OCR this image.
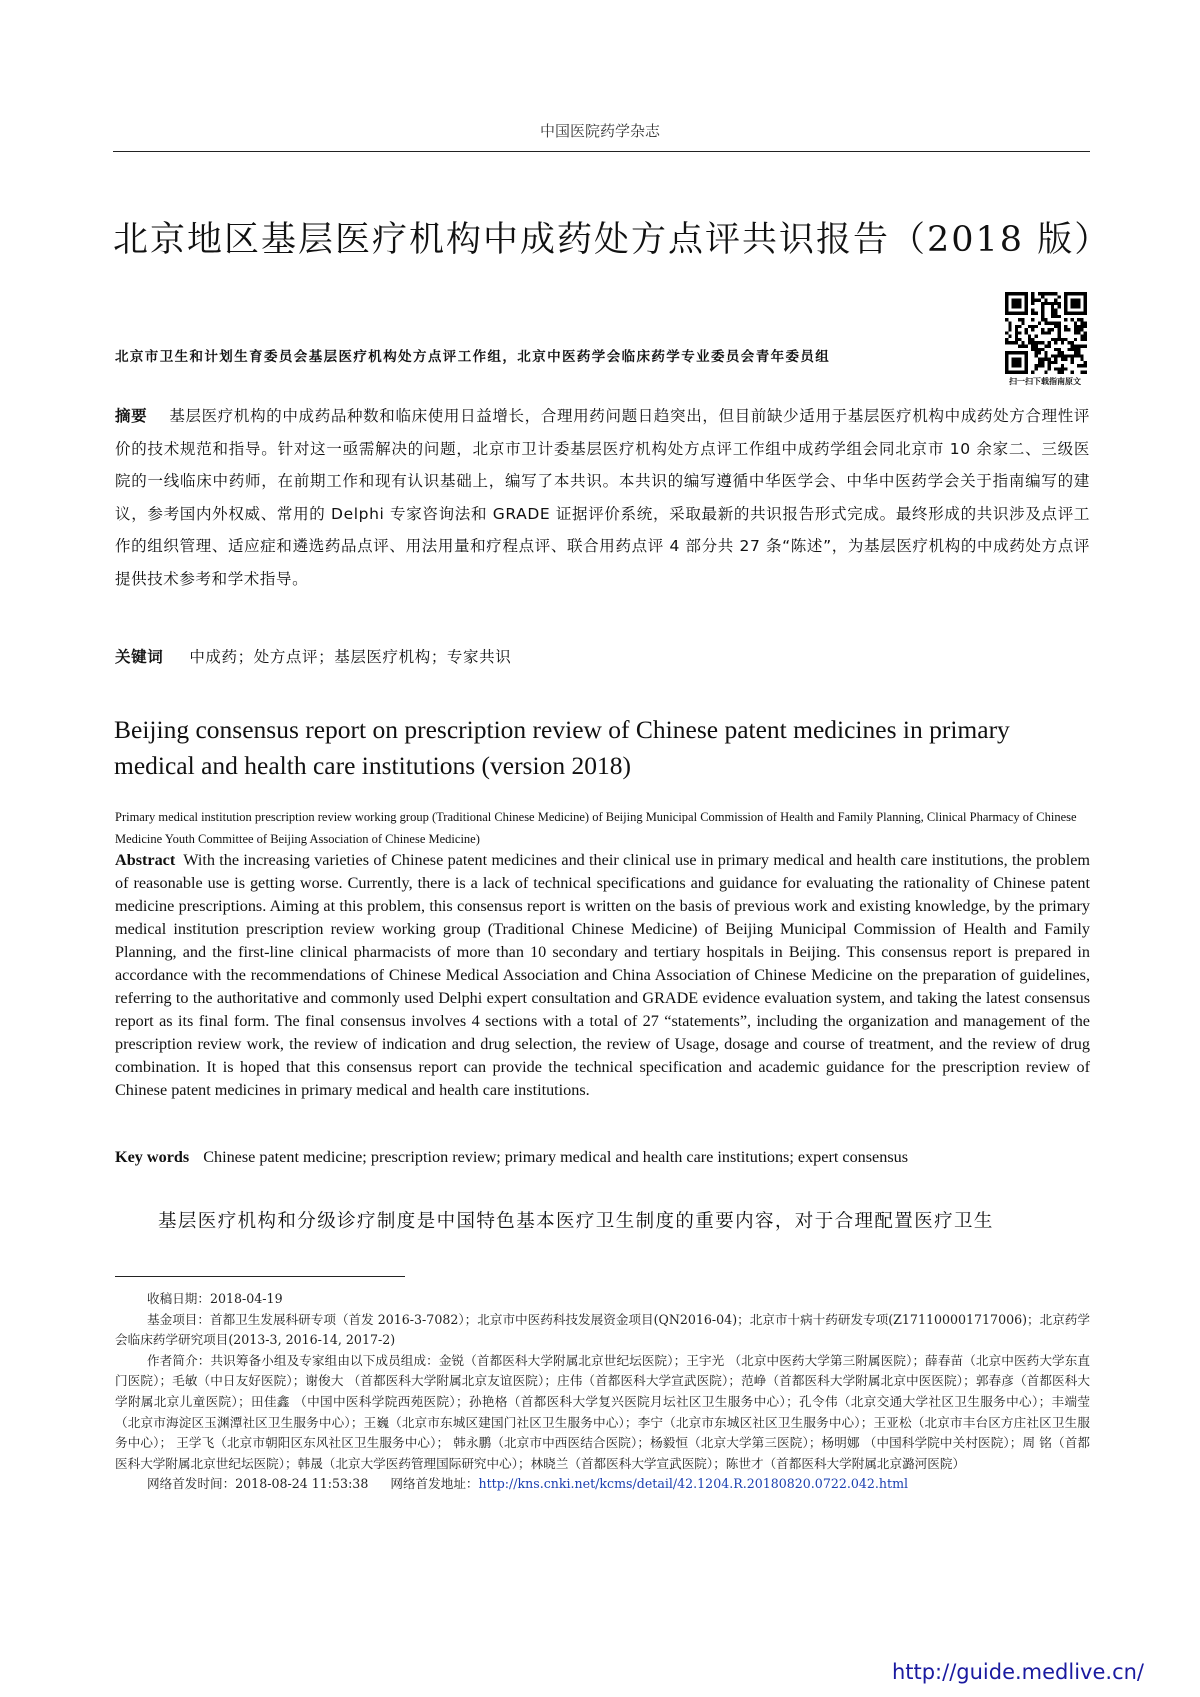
中国医院药学杂志
北京地区基层医疗机构中成药处方点评共识报告（2018 版）
扫一扫下载指南原文
北京市卫生和计划生育委员会基层医疗机构处方点评工作组，北京中医药学会临床药学专业委员会青年委员组
摘要 基层医疗机构的中成药品种数和临床使用日益增长，合理用药问题日趋突出，但目前缺少适用于基层医疗机构中成药处方合理性评价的技术规范和指导。针对这一亟需解决的问题，北京市卫计委基层医疗机构处方点评工作组中成药学组会同北京市 10 余家二、三级医院的一线临床中药师，在前期工作和现有认识基础上，编写了本共识。本共识的编写遵循中华医学会、中华中医药学会关于指南编写的建议，参考国内外权威、常用的 Delphi 专家咨询法和 GRADE 证据评价系统，采取最新的共识报告形式完成。最终形成的共识涉及点评工作的组织管理、适应症和遴选药品点评、用法用量和疗程点评、联合用药点评 4 部分共 27 条“陈述”，为基层医疗机构的中成药处方点评提供技术参考和学术指导。
关键词 中成药；处方点评；基层医疗机构；专家共识
Beijing consensus report on prescription review of Chinese patent medicines in primary medical and health care institutions (version 2018)
Primary medical institution prescription review working group (Traditional Chinese Medicine) of Beijing Municipal Commission of Health and Family Planning, Clinical Pharmacy of Chinese Medicine Youth Committee of Beijing Association of Chinese Medicine)
Abstract With the increasing varieties of Chinese patent medicines and their clinical use in primary medical and health care institutions, the problem of reasonable use is getting worse. Currently, there is a lack of technical specifications and guidance for evaluating the rationality of Chinese patent medicine prescriptions. Aiming at this problem, this consensus report is written on the basis of previous work and existing knowledge, by the primary medical institution prescription review working group (Traditional Chinese Medicine) of Beijing Municipal Commission of Health and Family Planning, and the first-line clinical pharmacists of more than 10 secondary and tertiary hospitals in Beijing. This consensus report is prepared in accordance with the recommendations of Chinese Medical Association and China Association of Chinese Medicine on the preparation of guidelines, referring to the authoritative and commonly used Delphi expert consultation and GRADE evidence evaluation system, and taking the latest consensus report as its final form. The final consensus involves 4 sections with a total of 27 “statements”, including the organization and management of the prescription review work, the review of indication and drug selection, the review of Usage, dosage and course of treatment, and the review of drug combination. It is hoped that this consensus report can provide the technical specification and academic guidance for the prescription review of Chinese patent medicines in primary medical and health care institutions.
Key words Chinese patent medicine; prescription review; primary medical and health care institutions; expert consensus
基层医疗机构和分级诊疗制度是中国特色基本医疗卫生制度的重要内容，对于合理配置医疗卫生

收稿日期：2018-04-19

基金项目：首都卫生发展科研专项（首发 2016-3-7082）；北京市中医药科技发展资金项目(QN2016-04)；北京市十病十药研发专项(Z171100001717006)；北京药学会临床药学研究项目(2013-3, 2016-14, 2017-2)

作者简介：共识筹备小组及专家组由以下成员组成：金锐（首都医科大学附属北京世纪坛医院）；王宇光 （北京中医药大学第三附属医院）；薛春苗（北京中医药大学东直门医院）；毛敏（中日友好医院）；谢俊大 （首都医科大学附属北京友谊医院）；庄伟（首都医科大学宣武医院）；范峥（首都医科大学附属北京中医医院）；郭春彦（首都医科大学附属北京儿童医院）；田佳鑫 （中国中医科学院西苑医院）；孙艳格（首都医科大学复兴医院月坛社区卫生服务中心）；孔令伟（北京交通大学社区卫生服务中心）；丰端莹 （北京市海淀区玉渊潭社区卫生服务中心）；王巍（北京市东城区建国门社区卫生服务中心）；李宁（北京市东城区社区卫生服务中心）；王亚松（北京市丰台区方庄社区卫生服务中心）； 王学飞（北京市朝阳区东风社区卫生服务中心）； 韩永鹏（北京市中西医结合医院）；杨毅恒（北京大学第三医院）；杨明娜 （中国科学院中关村医院）；周 铭（首都医科大学附属北京世纪坛医院）；韩晟（北京大学医药管理国际研究中心）；林晓兰（首都医科大学宣武医院）；陈世才（首都医科大学附属北京潞河医院）

网络首发时间：2018-08-24 11:53:38 网络首发地址：http://kns.cnki.net/kcms/detail/42.1204.R.20180820.0722.042.html

http://guide.medlive.cn/
